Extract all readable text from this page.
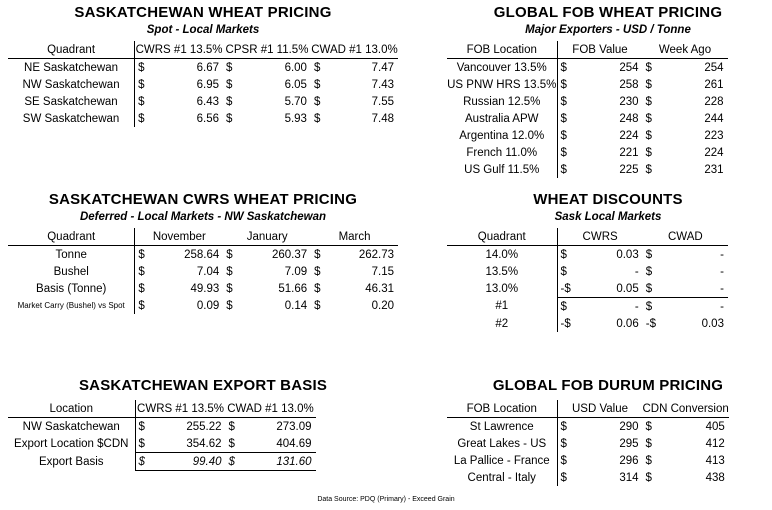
SASKATCHEWAN WHEAT PRICING
Spot - Local Markets
Quadrant	CWRS #1 13.5%		CPSR #1 11.5%		CWAD #1 13.0%	
NE Saskatchewan	$	6.67	$	6.00	$	7.47
NW Saskatchewan	$	6.95	$	6.05	$	7.43
SE Saskatchewan	$	6.43	$	5.70	$	7.55
SW Saskatchewan	$	6.56	$	5.93	$	7.48
GLOBAL FOB WHEAT PRICING
Major Exporters - USD / Tonne
FOB Location	FOB Value		Week Ago	
Vancouver 13.5%	$	254	$	254
US PNW HRS 13.5%	$	258	$	261
Russian 12.5%	$	230	$	228
Australia APW	$	248	$	244
Argentina 12.0%	$	224	$	223
French 11.0%	$	221	$	224
US Gulf 11.5%	$	225	$	231
SASKATCHEWAN CWRS WHEAT PRICING
Deferred - Local Markets - NW Saskatchewan
Quadrant	November		January		March	
Tonne	$	258.64	$	260.37	$	262.73
Bushel	$	7.04	$	7.09	$	7.15
Basis (Tonne)	$	49.93	$	51.66	$	46.31
Market Carry (Bushel) vs Spot	$	0.09	$	0.14	$	0.20
WHEAT DISCOUNTS
Sask Local Markets
Quadrant	CWRS		CWAD	
14.0%	$	0.03	$	-
13.5%	$	-	$	-
13.0%	-$	0.05	$	-
#1	$	-	$	-
#2	-$	0.06	-$	0.03
SASKATCHEWAN EXPORT BASIS
Location	CWRS #1 13.5%		CWAD #1 13.0%	
NW Saskatchewan	$	255.22	$	273.09
Export Location $CDN	$	354.62	$	404.69
Export Basis	$	99.40	$	131.60
GLOBAL FOB DURUM PRICING
FOB Location	USD Value		CDN Conversion	
St Lawrence	$	290	$	405
Great Lakes - US	$	295	$	412
La Pallice - France	$	296	$	413
Central - Italy	$	314	$	438
Data Source: PDQ (Primary) - Exceed Grain
